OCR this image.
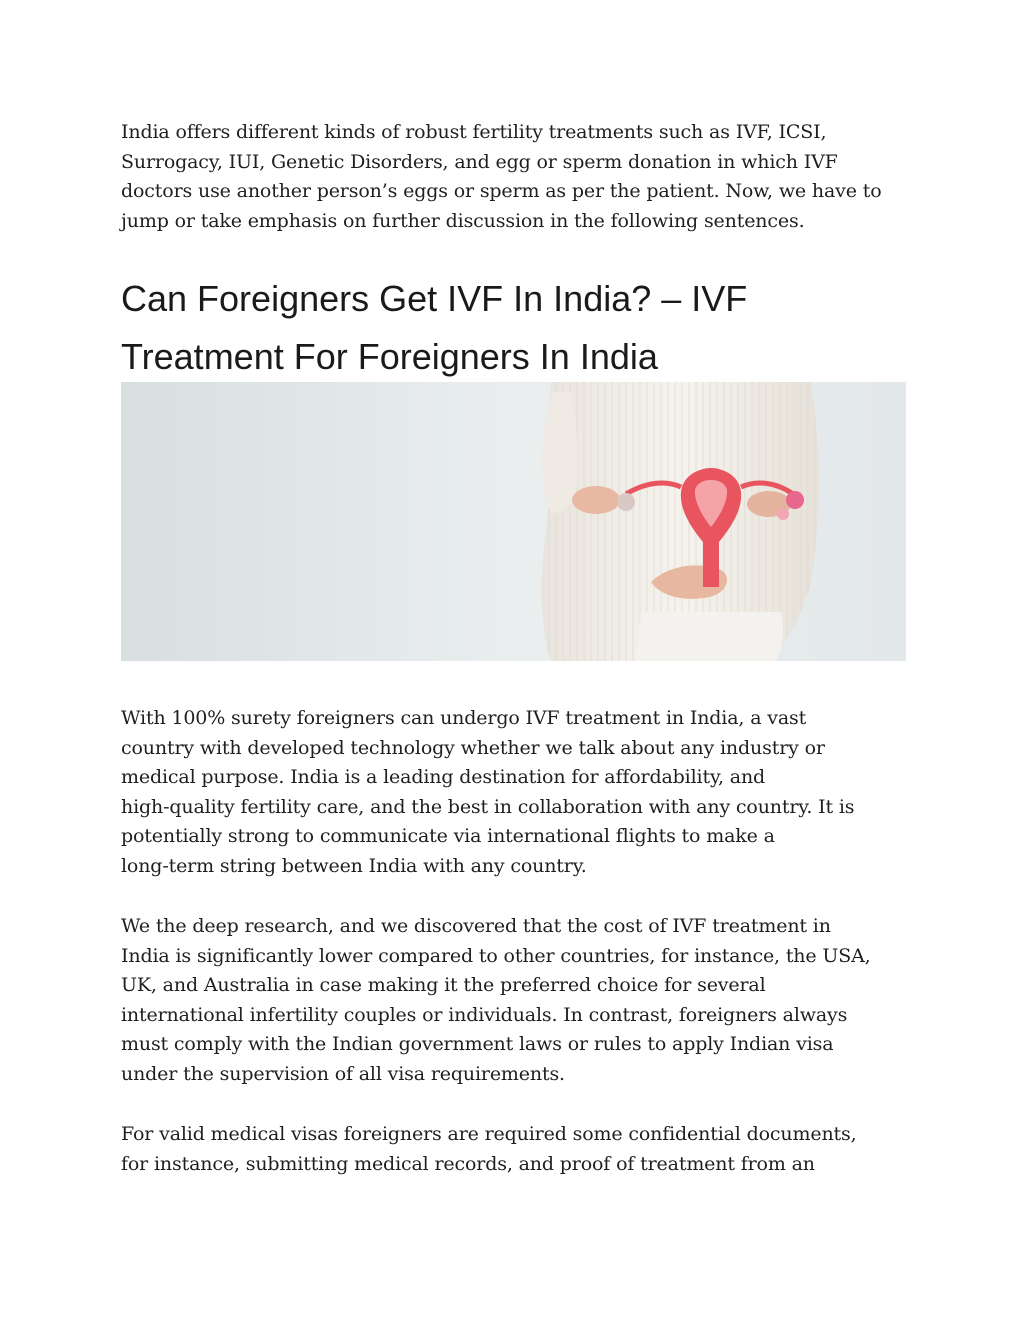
India offers different kinds of robust fertility treatments such as IVF, ICSI,
Surrogacy, IUI, Genetic Disorders, and egg or sperm donation in which IVF
doctors use another person’s eggs or sperm as per the patient. Now, we have to
jump or take emphasis on further discussion in the following sentences.

Can Foreigners Get IVF In India? – IVF
Treatment For Foreigners In India

With 100% surety foreigners can undergo IVF treatment in India, a vast
country with developed technology whether we talk about any industry or
medical purpose. India is a leading destination for affordability, and
high-quality fertility care, and the best in collaboration with any country. It is
potentially strong to communicate via international flights to make a
long-term string between India with any country.

We the deep research, and we discovered that the cost of IVF treatment in
India is significantly lower compared to other countries, for instance, the USA,
UK, and Australia in case making it the preferred choice for several
international infertility couples or individuals. In contrast, foreigners always
must comply with the Indian government laws or rules to apply Indian visa
under the supervision of all visa requirements.

For valid medical visas foreigners are required some confidential documents,
for instance, submitting medical records, and proof of treatment from an
